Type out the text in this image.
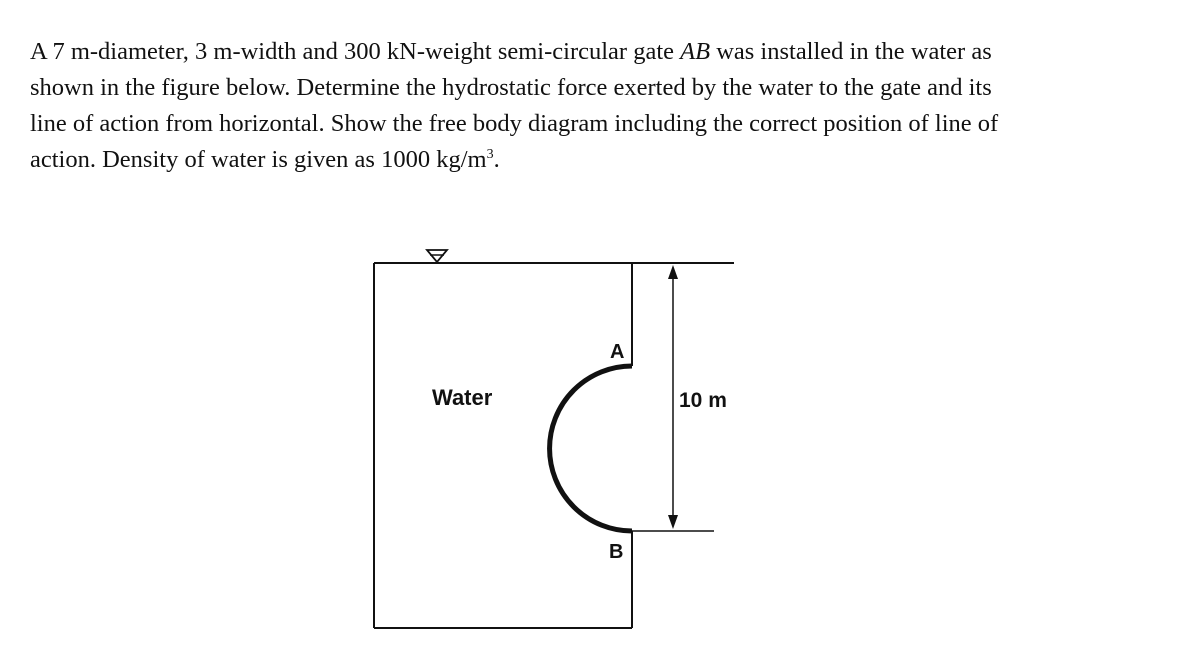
A 7 m-diameter, 3 m-width and 300 kN-weight semi-circular gate AB was installed in the water as
shown in the figure below. Determine the hydrostatic force exerted by the water to the gate and its
line of action from horizontal. Show the free body diagram including the correct position of line of
action. Density of water is given as 1000 $kg/m^3$.
Water
A
B
10 m
